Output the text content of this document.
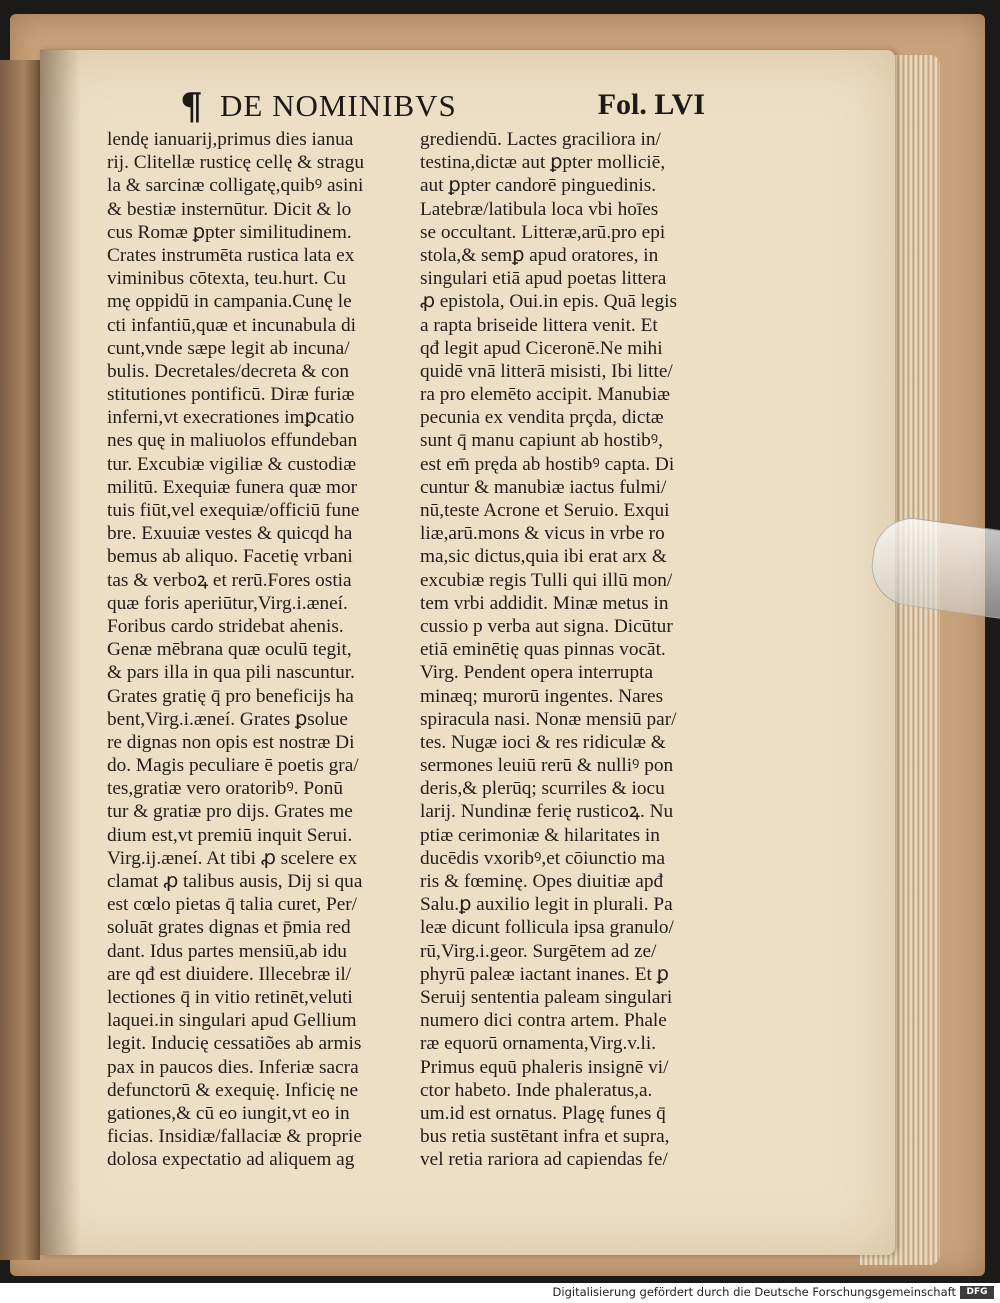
¶ DE NOMINIBVS	Fol. LVI
lendę ianuarij,primus dies ianua
rij. Clitellæ rusticę cellę & stragu
la & sarcinæ colligatę,quibꝰ asini
& bestiæ insternūtur. Dicit & lo
cus Romæ ꝑpter similitudinem.
Crates instrumēta rustica lata ex
viminibus cōtexta, teu.hurt. Cu
mę oppidū in campania.Cunę le
cti infantiū,quæ et incunabula di
cunt,vnde sæpe legit ab incuna/
bulis. Decretales/decreta & con
stitutiones pontificū. Diræ furiæ
inferni,vt execrationes imꝑcatio
nes quę in maliuolos effundeban
tur. Excubiæ vigiliæ & custodiæ
militū. Exequiæ funera quæ mor
tuis fiūt,vel exequiæ/officiū fune
bre. Exuuiæ vestes & quicqd ha
bemus ab aliquo. Facetię vrbani
tas & verboꝝ et rerū.Fores ostia
quæ foris aperiūtur,Virg.i.æneí.
Foribus cardo stridebat ahenis.
Genæ mēbrana quæ oculū tegit,
& pars illa in qua pili nascuntur.
Grates gratię q̄ pro beneficijs ha
bent,Virg.i.æneí. Grates ꝑsolue
re dignas non opis est nostræ Di
do. Magis peculiare ē poetis gra/
tes,gratiæ vero oratoribꝰ. Ponū
tur & gratiæ pro dijs. Grates me
dium est,vt premiū inquit Serui.
Virg.ij.æneí. At tibi ꝓ scelere ex
clamat ꝓ talibus ausis, Dij si qua
est cœlo pietas q̄ talia curet, Per/
soluāt grates dignas et p̄mia red
dant. Idus partes mensiū,ab idu
are qđ est diuidere. Illecebræ il/
lectiones q̄ in vitio retinēt,veluti
laquei.in singulari apud Gellium
legit. Inducię cessatiões ab armis
pax in paucos dies. Inferiæ sacra
defunctorū & exequię. Inficię ne
gationes,& cū eo iungit,vt eo in
ficias. Insidiæ/fallaciæ & proprie
dolosa expectatio ad aliquem ag
grediendū. Lactes graciliora in/
testina,dictæ aut ꝑpter molliciē,
aut ꝑpter candorē pinguedinis.
Latebræ/latibula loca vbi hoīes
se occultant. Litteræ,arū.pro epi
stola,& semꝑ apud oratores, in
singulari etiā apud poetas littera
ꝓ epistola, Oui.in epis. Quā legis
a rapta briseide littera venit. Et
qđ legit apud Ciceronē.Ne mihi
quidē vnā litterā misisti, Ibi litte/
ra pro elemēto accipit. Manubiæ
pecunia ex vendita prçda, dictæ
sunt q̄ manu capiunt ab hostibꝰ,
est em̄ pręda ab hostibꝰ capta. Di
cuntur & manubiæ iactus fulmi/
nū,teste Acrone et Seruio. Exqui
liæ,arū.mons & vicus in vrbe ro
ma,sic dictus,quia ibi erat arx &
excubiæ regis Tulli qui illū mon/
tem vrbi addidit. Minæ metus in
cussio p verba aut signa. Dicūtur
etiā eminētię quas pinnas vocāt.
Virg. Pendent opera interrupta
minæq; murorū ingentes. Nares
spiracula nasi. Nonæ mensiū par/
tes. Nugæ ioci & res ridiculæ &
sermones leuiū rerū & nulliꝰ pon
deris,& plerūq; scurriles & iocu
larij. Nundinæ ferię rusticoꝝ. Nu
ptiæ cerimoniæ & hilaritates in
ducēdis vxoribꝰ,et cōiunctio ma
ris & fœminę. Opes diuitiæ apđ
Salu.ꝑ auxilio legit in plurali. Pa
leæ dicunt follicula ipsa granulo/
rū,Virg.i.geor. Surgētem ad ze/
phyrū paleæ iactant inanes. Et ꝑ
Seruij sententia paleam singulari
numero dici contra artem. Phale
ræ equorū ornamenta,Virg.v.li.
Primus equū phaleris insignē vi/
ctor habeto. Inde phaleratus,a.
um.id est ornatus. Plagę funes q̄
bus retia sustētant infra et supra,
vel retia rariora ad capiendas fe/
Digitalisierung gefördert durch die Deutsche Forschungsgemeinschaft	DFG
